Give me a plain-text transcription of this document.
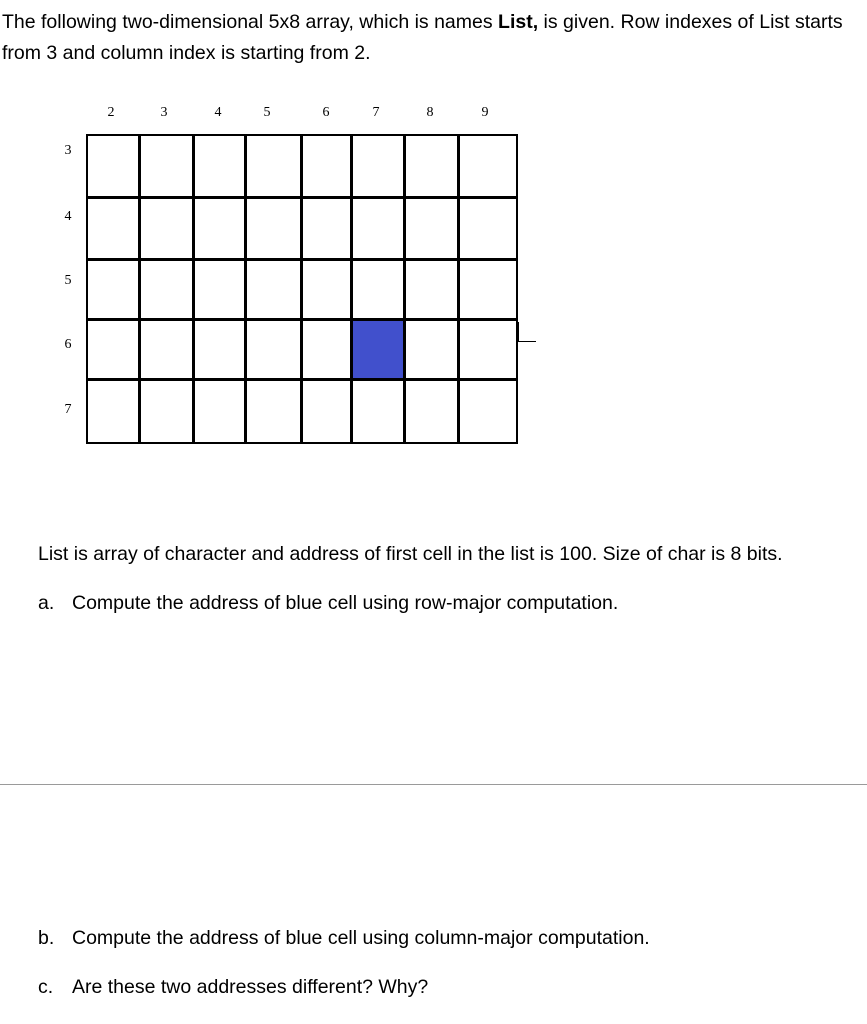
The following two-dimensional 5x8 array, which is names List, is given. Row indexes of List starts from 3 and column index is starting from 2.
2	3	4	5	6	7	8	9
3
4
5
6
7
List is array of character and address of first cell in the list is 100. Size of char is 8 bits.
a. Compute the address of blue cell using row-major computation.
b. Compute the address of blue cell using column-major computation.
c. Are these two addresses different? Why?
